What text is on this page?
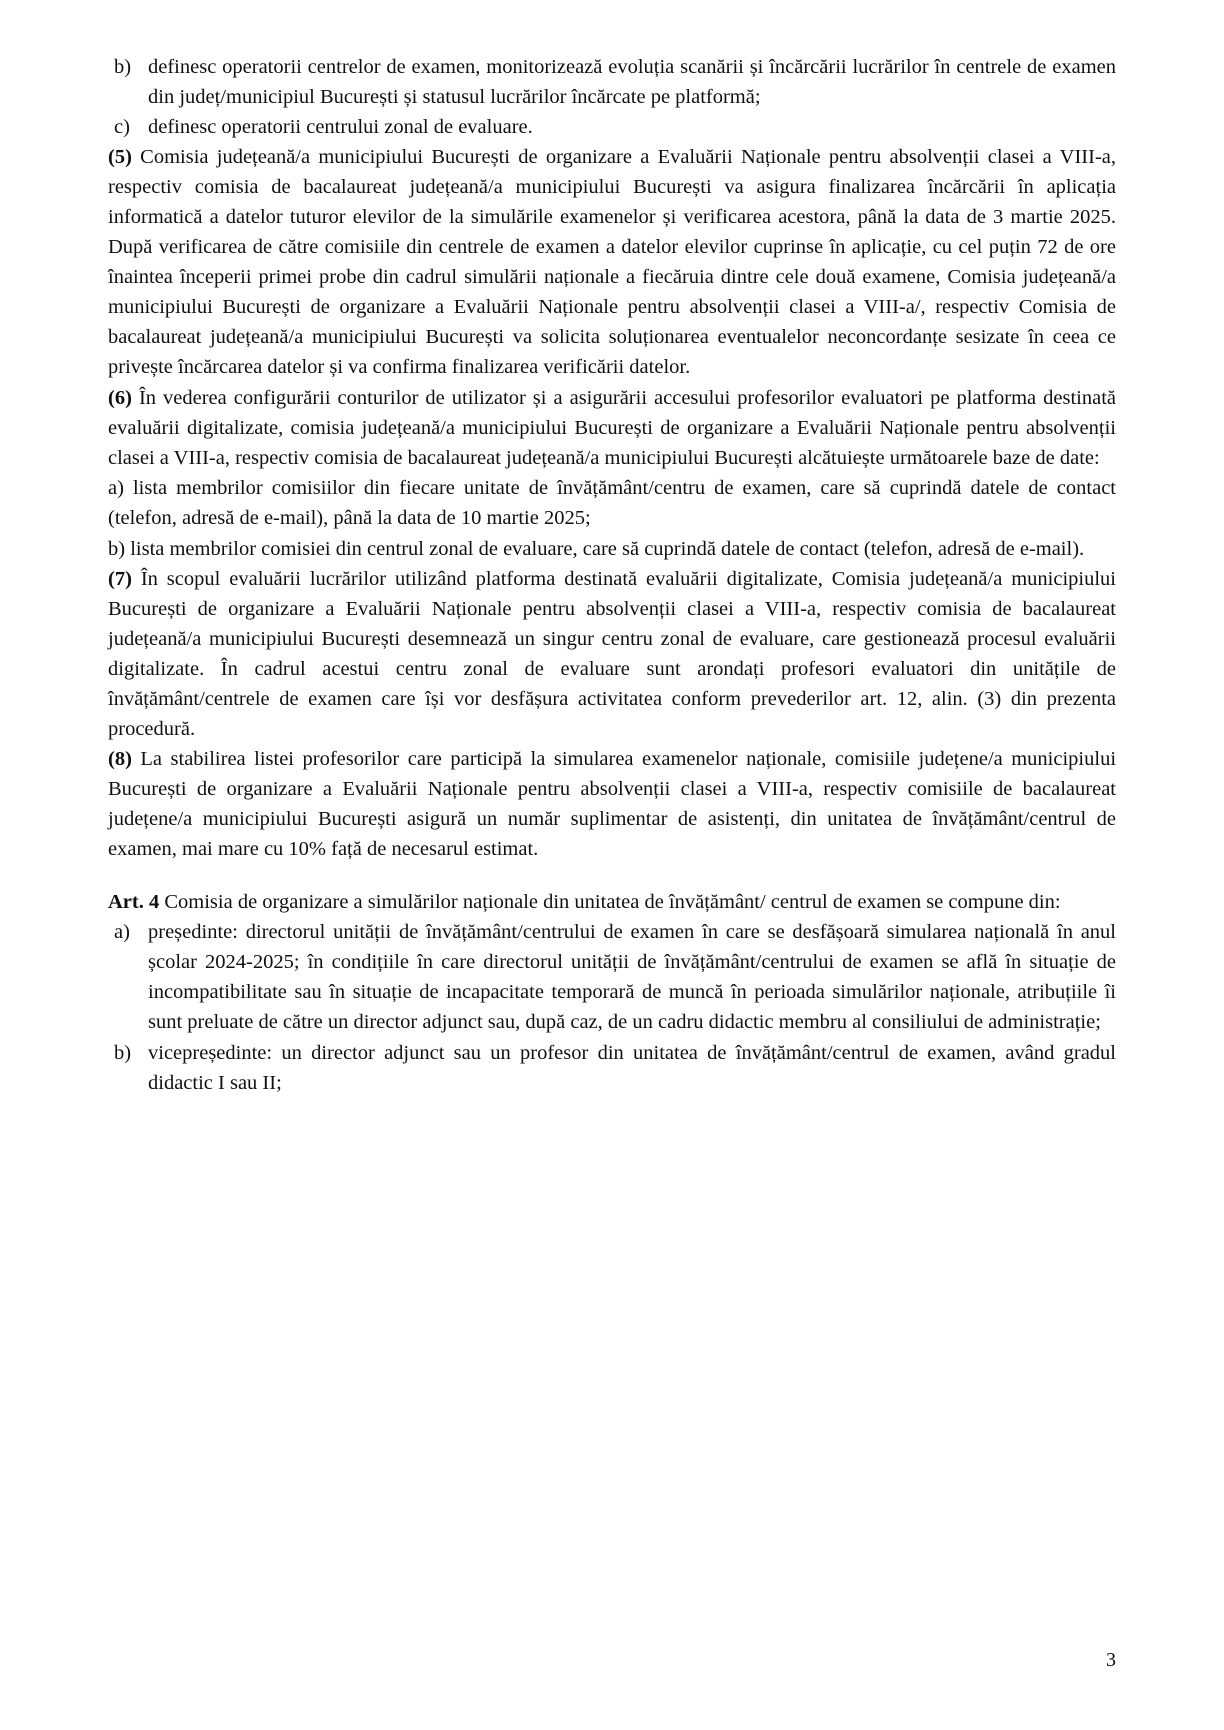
b) definesc operatorii centrelor de examen, monitorizează evoluția scanării și încărcării lucrărilor în centrele de examen din județ/municipiul București și statusul lucrărilor încărcate pe platformă;
c) definesc operatorii centrului zonal de evaluare.

(5) Comisia județeană/a municipiului București de organizare a Evaluării Naționale pentru absolvenții clasei a VIII-a, respectiv comisia de bacalaureat județeană/a municipiului București va asigura finalizarea încărcării în aplicația informatică a datelor tuturor elevilor de la simulările examenelor și verificarea acestora, până la data de 3 martie 2025. După verificarea de către comisiile din centrele de examen a datelor elevilor cuprinse în aplicație, cu cel puțin 72 de ore înaintea începerii primei probe din cadrul simulării naționale a fiecăruia dintre cele două examene, Comisia județeană/a municipiului București de organizare a Evaluării Naționale pentru absolvenții clasei a VIII-a/, respectiv Comisia de bacalaureat județeană/a municipiului București va solicita soluționarea eventualelor neconcordanțe sesizate în ceea ce privește încărcarea datelor și va confirma finalizarea verificării datelor.

(6) În vederea configurării conturilor de utilizator și a asigurării accesului profesorilor evaluatori pe platforma destinată evaluării digitalizate, comisia județeană/a municipiului București de organizare a Evaluării Naționale pentru absolvenții clasei a VIII-a, respectiv comisia de bacalaureat județeană/a municipiului București alcătuiește următoarele baze de date:

a) lista membrilor comisiilor din fiecare unitate de învățământ/centru de examen, care să cuprindă datele de contact (telefon, adresă de e-mail), până la data de 10 martie 2025;

b) lista membrilor comisiei din centrul zonal de evaluare, care să cuprindă datele de contact (telefon, adresă de e-mail).

(7) În scopul evaluării lucrărilor utilizând platforma destinată evaluării digitalizate, Comisia județeană/a municipiului București de organizare a Evaluării Naționale pentru absolvenții clasei a VIII-a, respectiv comisia de bacalaureat județeană/a municipiului București desemnează un singur centru zonal de evaluare, care gestionează procesul evaluării digitalizate. În cadrul acestui centru zonal de evaluare sunt arondați profesori evaluatori din unitățile de învățământ/centrele de examen care își vor desfășura activitatea conform prevederilor art. 12, alin. (3) din prezenta procedură.

(8) La stabilirea listei profesorilor care participă la simularea examenelor naționale, comisiile județene/a municipiului București de organizare a Evaluării Naționale pentru absolvenții clasei a VIII-a, respectiv comisiile de bacalaureat județene/a municipiului București asigură un număr suplimentar de asistenți, din unitatea de învățământ/centrul de examen, mai mare cu 10% față de necesarul estimat.

Art. 4 Comisia de organizare a simulărilor naționale din unitatea de învățământ/ centrul de examen se compune din:

a) președinte: directorul unității de învățământ/centrului de examen în care se desfășoară simularea națională în anul școlar 2024-2025; în condițiile în care directorul unității de învățământ/centrului de examen se află în situație de incompatibilitate sau în situație de incapacitate temporară de muncă în perioada simulărilor naționale, atribuțiile îi sunt preluate de către un director adjunct sau, după caz, de un cadru didactic membru al consiliului de administrație;
b) vicepreședinte: un director adjunct sau un profesor din unitatea de învățământ/centrul de examen, având gradul didactic I sau II;
3
